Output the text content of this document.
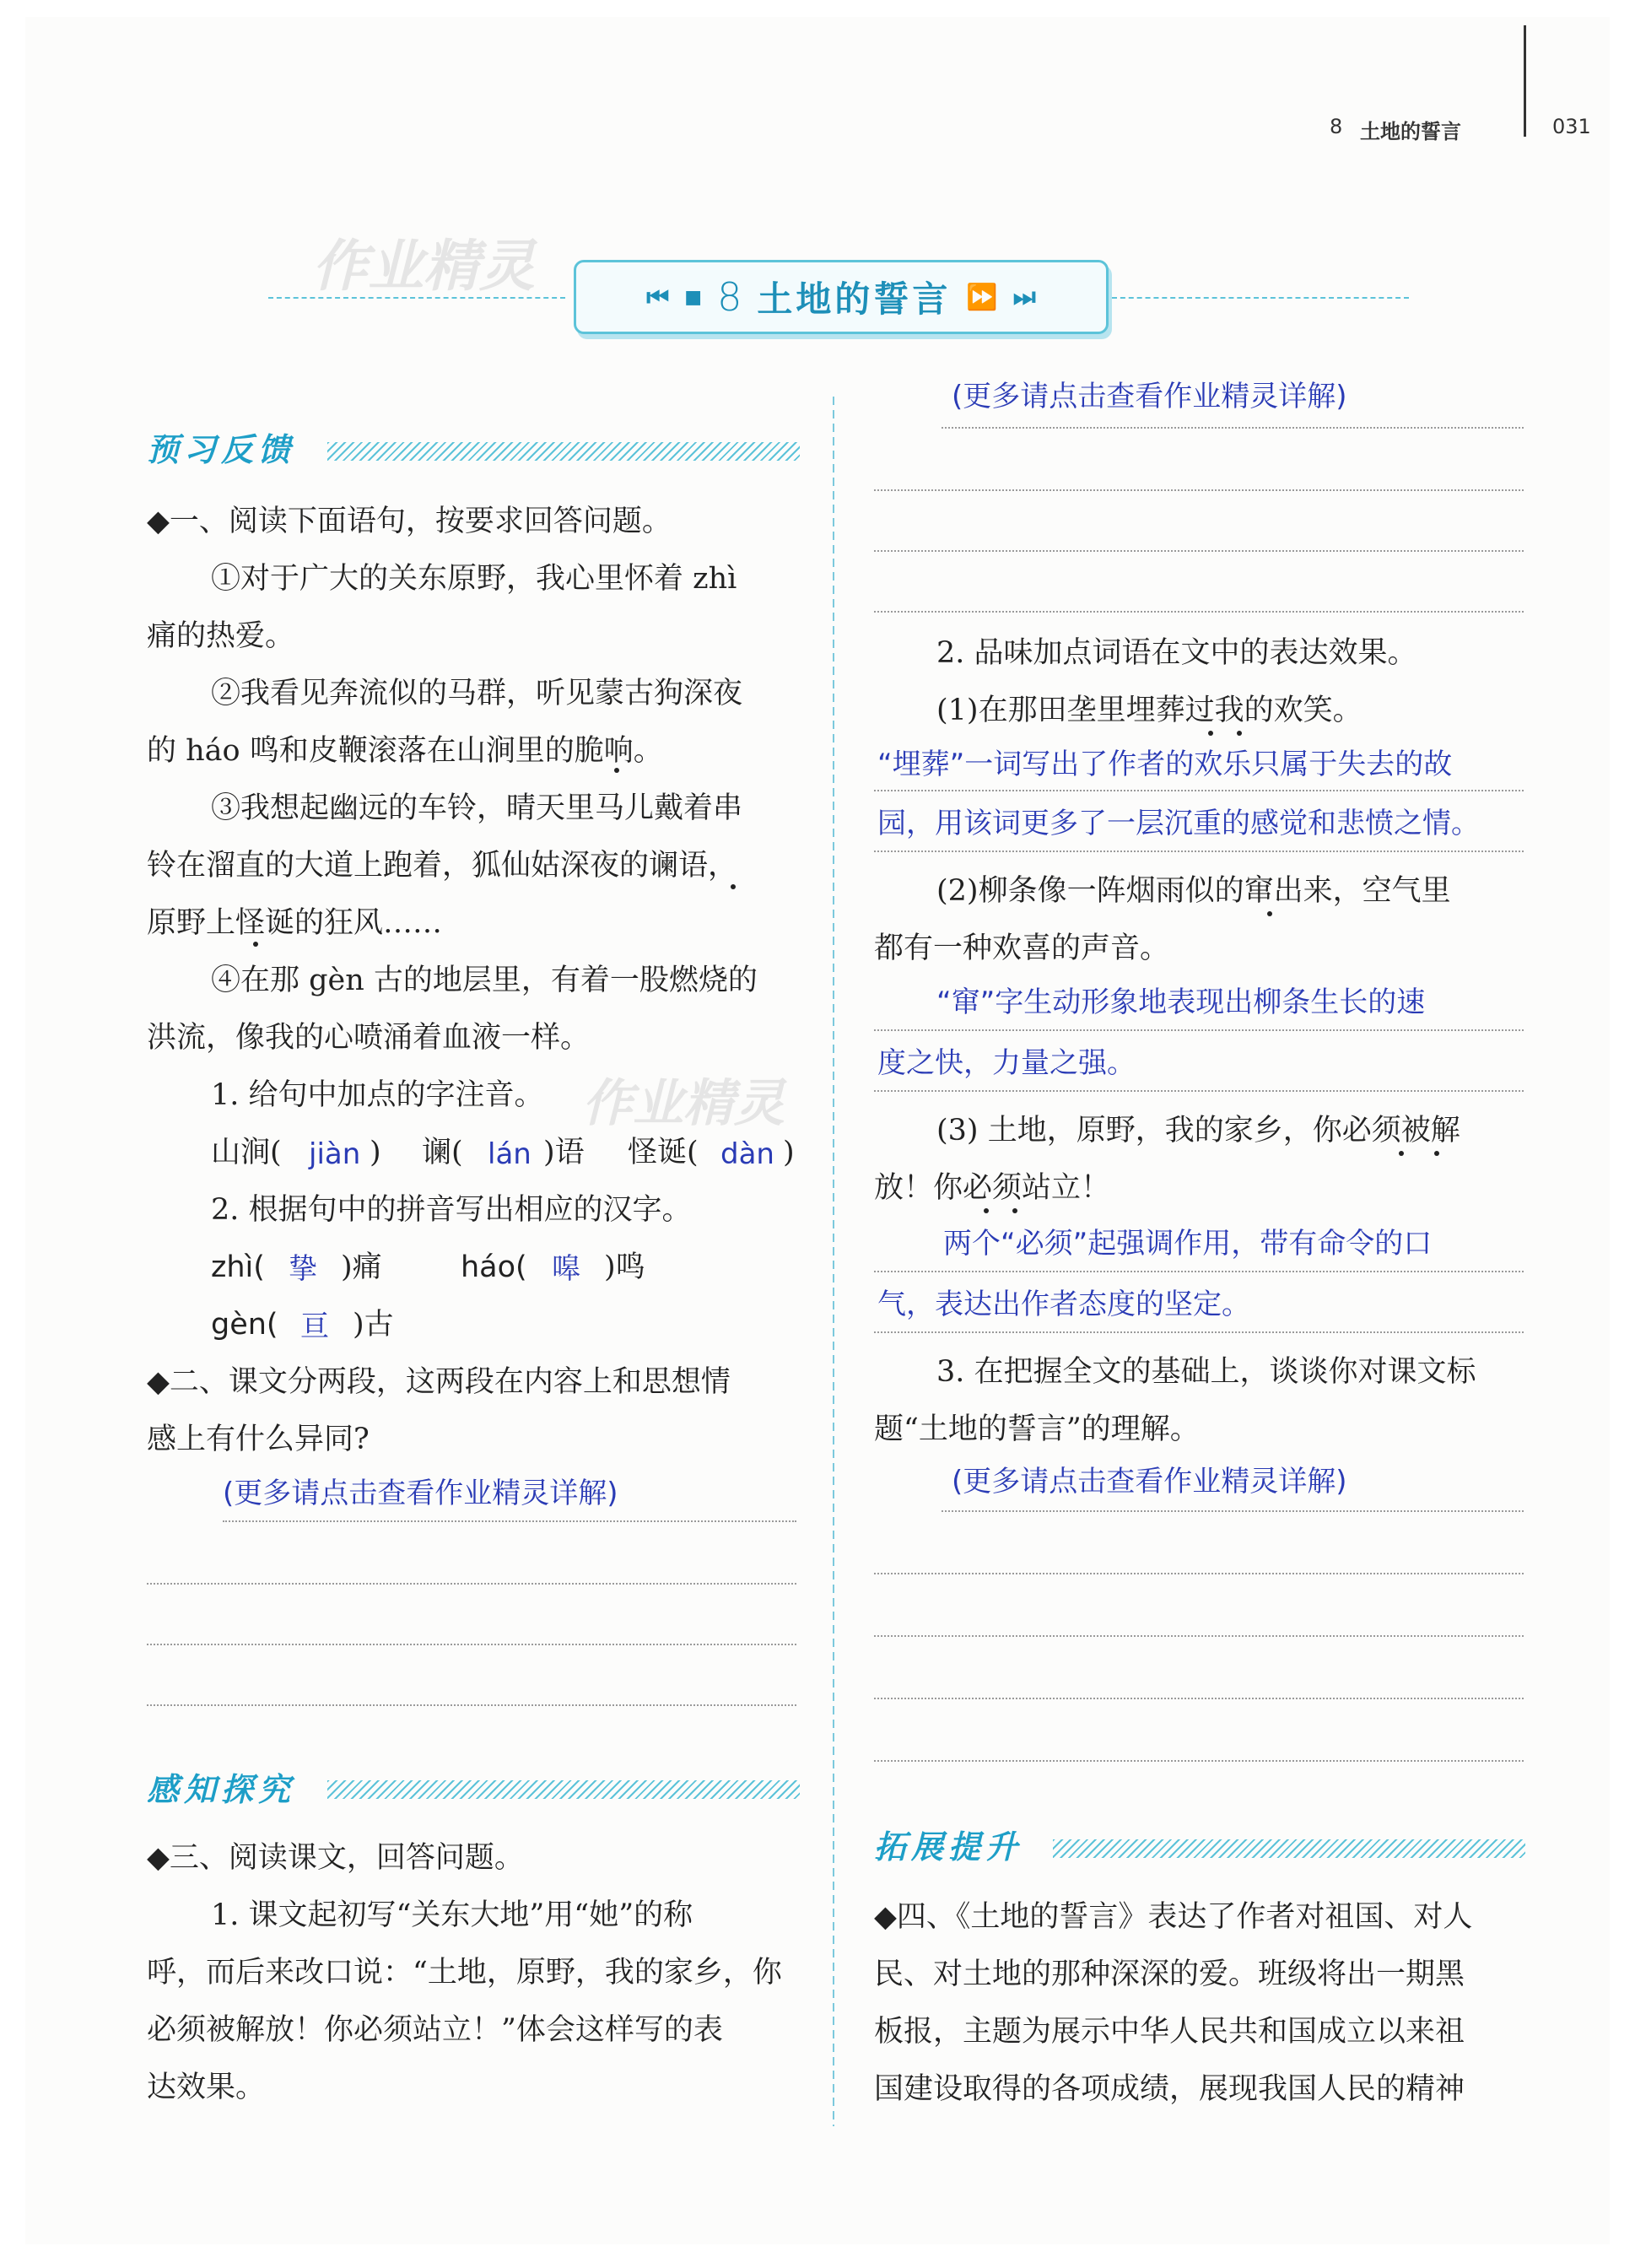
8 土地的誓言	031
作业精灵	⏮ ■ 8 土地的誓言 ⏩ ⏭
预习反馈
◆一、阅读下面语句，按要求回答问题。
①对于广大的关东原野，我心里怀着 zhì
痛的热爱。
②我看见奔流似的马群，听见蒙古狗深夜
的 háo 鸣和皮鞭滚落在山涧里的脆响。
③我想起幽远的车铃，晴天里马儿戴着串
铃在溜直的大道上跑着，狐仙姑深夜的谰语，
原野上怪诞的狂风……
④在那 gèn 古的地层里，有着一股燃烧的
洪流，像我的心喷涌着血液一样。
1. 给句中加点的字注音。 作业精灵
山涧( jiàn ) 谰( lán )语 怪诞( dàn )
2. 根据句中的拼音写出相应的汉字。
zhì( 挚 )痛	háo( 嗥 )鸣
gèn( 亘 )古
◆二、课文分两段，这两段在内容上和思想情
感上有什么异同?
(更多请点击查看作业精灵详解)
感知探究
◆三、阅读课文，回答问题。
1. 课文起初写“关东大地”用“她”的称
呼，而后来改口说：“土地，原野，我的家乡，你
必须被解放！你必须站立！”体会这样写的表
达效果。
(更多请点击查看作业精灵详解)
2. 品味加点词语在文中的表达效果。
(1)在那田垄里埋葬过我的欢笑。
“埋葬”一词写出了作者的欢乐只属于失去的故
园，用该词更多了一层沉重的感觉和悲愤之情。
(2)柳条像一阵烟雨似的窜出来，空气里
都有一种欢喜的声音。
“窜”字生动形象地表现出柳条生长的速
度之快，力量之强。
(3) 土地，原野，我的家乡，你必须被解
放！你必须站立！
两个“必须”起强调作用，带有命令的口
气，表达出作者态度的坚定。
3. 在把握全文的基础上，谈谈你对课文标
题“土地的誓言”的理解。
(更多请点击查看作业精灵详解)
拓展提升
◆四、《土地的誓言》表达了作者对祖国、对人
民、对土地的那种深深的爱。班级将出一期黑
板报，主题为展示中华人民共和国成立以来祖
国建设取得的各项成绩，展现我国人民的精神
